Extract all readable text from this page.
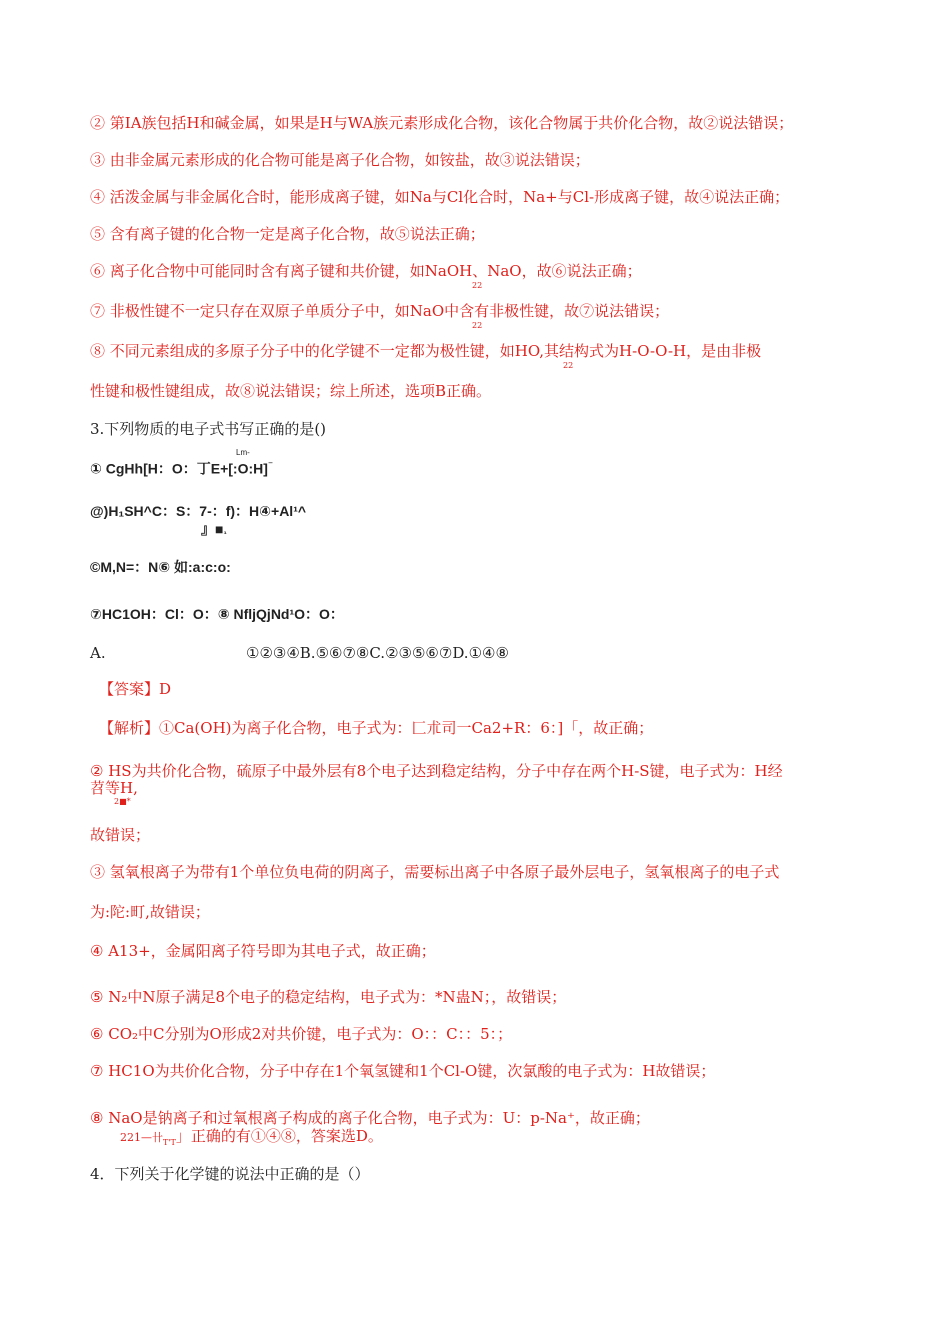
② 第IA族包括H和碱金属，如果是H与WA族元素形成化合物，该化合物属于共价化合物，故②说法错误；
③ 由非金属元素形成的化合物可能是离子化合物，如铵盐，故③说法错误；
④ 活泼金属与非金属化合时，能形成离子键，如Na与Cl化合时，Na+与Cl-形成离子键，故④说法正确；
⑤ 含有离子键的化合物一定是离子化合物，故⑤说法正确；
⑥ 离子化合物中可能同时含有离子键和共价键，如NaOH、NaO，故⑥说法正确；
22
⑦ 非极性键不一定只存在双原子单质分子中，如NaO中含有非极性键，故⑦说法错误；
22
⑧ 不同元素组成的多原子分子中的化学键不一定都为极性键，如HO,其结构式为H-O-O-H，是由非极
22
性键和极性键组成，故⑧说法错误；综上所述，选项B正确。
3.下列物质的电子式书写正确的是()
Lm-
① CgHh[H：O：丁E+[:O:H]⁻
@)H₁SH^C：S：7-：f)：H④+Al¹^
』■₁
©M,N=：N⑥ 如:a:c:o:
⑦HC1OH：Cl：O：⑧ NfljQjNd¹O：O：
A.	①②③④B.⑤⑥⑦⑧C.②③⑤⑥⑦D.①④⑧
【答案】D
【解析】①Ca(OH)为离子化合物，电子式为：匚朮司一Ca2+R：6：]「，故正确；
② HS为共价化合物，硫原子中最外层有8个电子达到稳定结构，分子中存在两个H-S键，电子式为：H经
苕等H,
2■*
故错误；
③ 氢氧根离子为带有1个单位负电荷的阴离子，需要标出离子中各原子最外层电子，氢氧根离子的电子式
为:陀:町,故错误；
④ A13+，金属阳离子符号即为其电子式，故正确；
⑤ N₂中N原子满足8个电子的稳定结构，电子式为：*N蛊N；，故错误；
⑥ CO₂中C分别为O形成2对共价键，电子式为：O：：C：：5：；
⑦ HC1O为共价化合物，分子中存在1个氧氢键和1个Cl-O键，次氯酸的电子式为：H故错误；
⑧ NaO是钠离子和过氧根离子构成的离子化合物，电子式为：U：p-Na⁺，故正确；
221—卄$_{T'T}$」正确的有①④⑧，答案选D。
4．下列关于化学键的说法中正确的是（）
